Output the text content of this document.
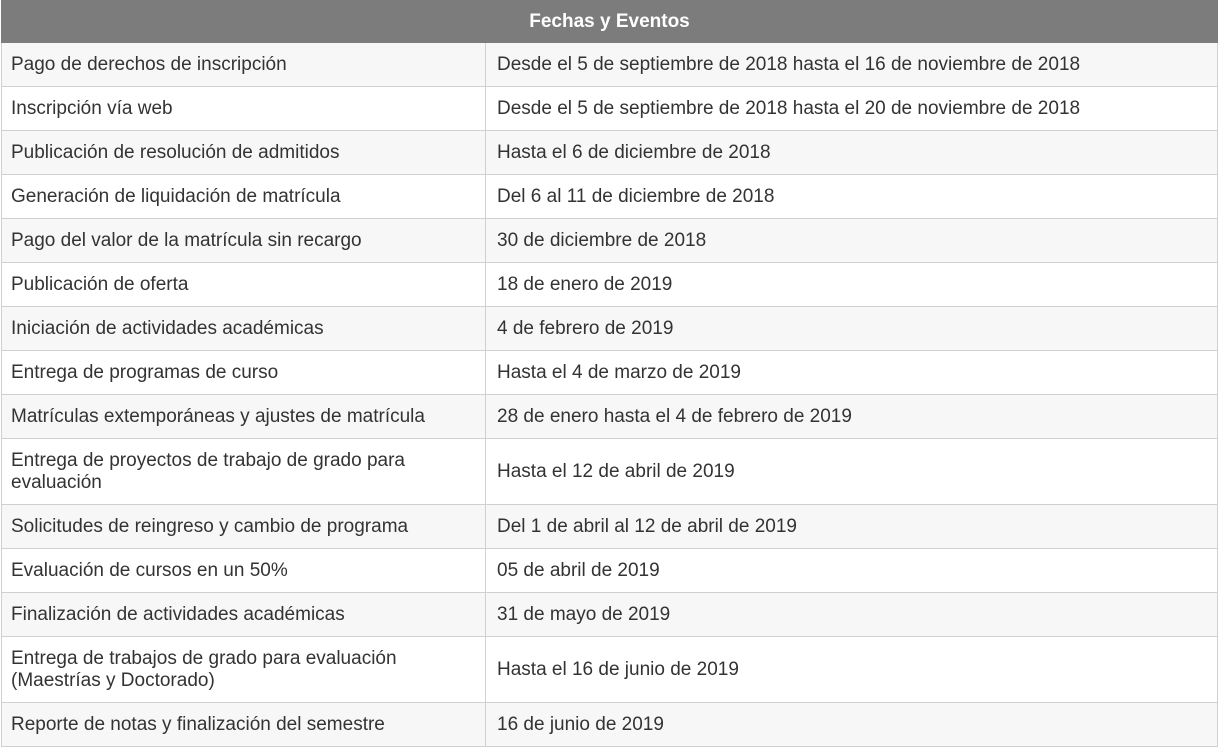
Fechas y Eventos	
Pago de derechos de inscripción	Desde el 5 de septiembre de 2018 hasta el 16 de noviembre de 2018
Inscripción vía web	Desde el 5 de septiembre de 2018 hasta el 20 de noviembre de 2018
Publicación de resolución de admitidos	Hasta el 6 de diciembre de 2018
Generación de liquidación de matrícula	Del 6 al 11 de diciembre de 2018
Pago del valor de la matrícula sin recargo	30 de diciembre de 2018
Publicación de oferta	18 de enero de 2019
Iniciación de actividades académicas	4 de febrero de 2019
Entrega de programas de curso	Hasta el 4 de marzo de 2019
Matrículas extemporáneas y ajustes de matrícula	28 de enero hasta el 4 de febrero de 2019
Entrega de proyectos de trabajo de grado para evaluación	Hasta el 12 de abril de 2019
Solicitudes de reingreso y cambio de programa	Del 1 de abril al 12 de abril de 2019
Evaluación de cursos en un 50%	05 de abril de 2019
Finalización de actividades académicas	31 de mayo de 2019
Entrega de trabajos de grado para evaluación (Maestrías y Doctorado)	Hasta el 16 de junio de 2019
Reporte de notas y finalización del semestre	16 de junio de 2019
